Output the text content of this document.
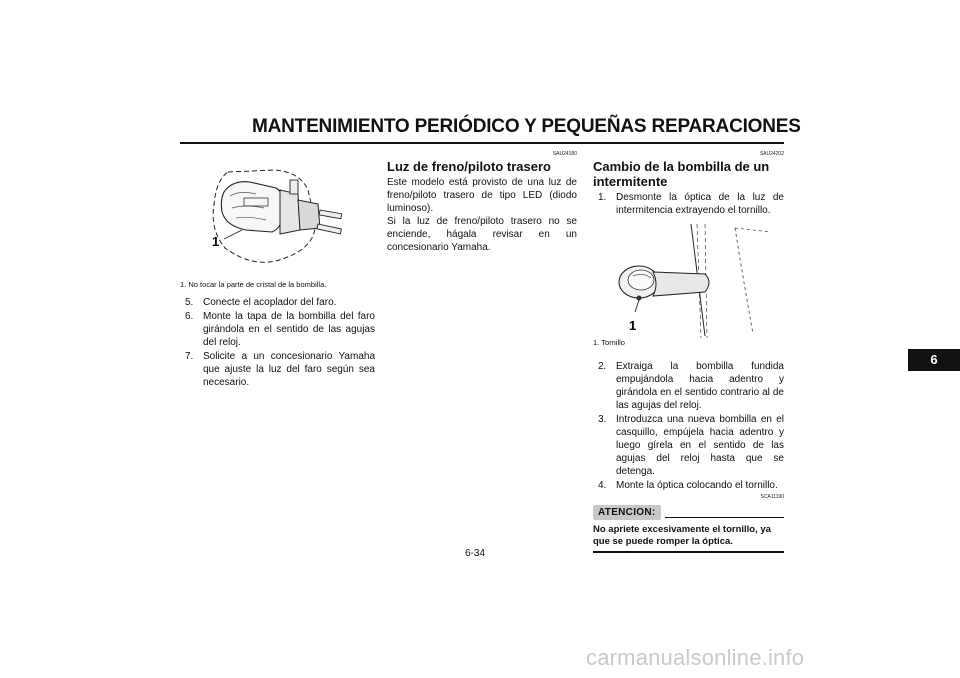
MANTENIMIENTO PERIÓDICO Y PEQUEÑAS REPARACIONES
6
1
1. No tocar la parte de cristal de la bombilla.
5. Conecte el acoplador del faro.
6. Monte la tapa de la bombilla del faro girándola en el sentido de las agujas del reloj.
7. Solicite a un concesionario Yamaha que ajuste la luz del faro según sea necesario.
SAU24180
Luz de freno/piloto trasero
Este modelo está provisto de una luz de freno/piloto trasero de tipo LED (diodo luminoso).
Si la luz de freno/piloto trasero no se enciende, hágala revisar en un concesionario Yamaha.
SAU24202
Cambio de la bombilla de un intermitente
1. Desmonte la óptica de la luz de intermitencia extrayendo el tornillo.
1
1. Tornillo
2. Extraiga la bombilla fundida empujándola hacia adentro y girándola en el sentido contrario al de las agujas del reloj.
3. Introduzca una nueva bombilla en el casquillo, empújela hacia adentro y luego gírela en el sentido de las agujas del reloj hasta que se detenga.
4. Monte la óptica colocando el tornillo.
SCA11190
ATENCION:
No apriete excesivamente el tornillo, ya que se puede romper la óptica.
6-34
carmanualsonline.info
